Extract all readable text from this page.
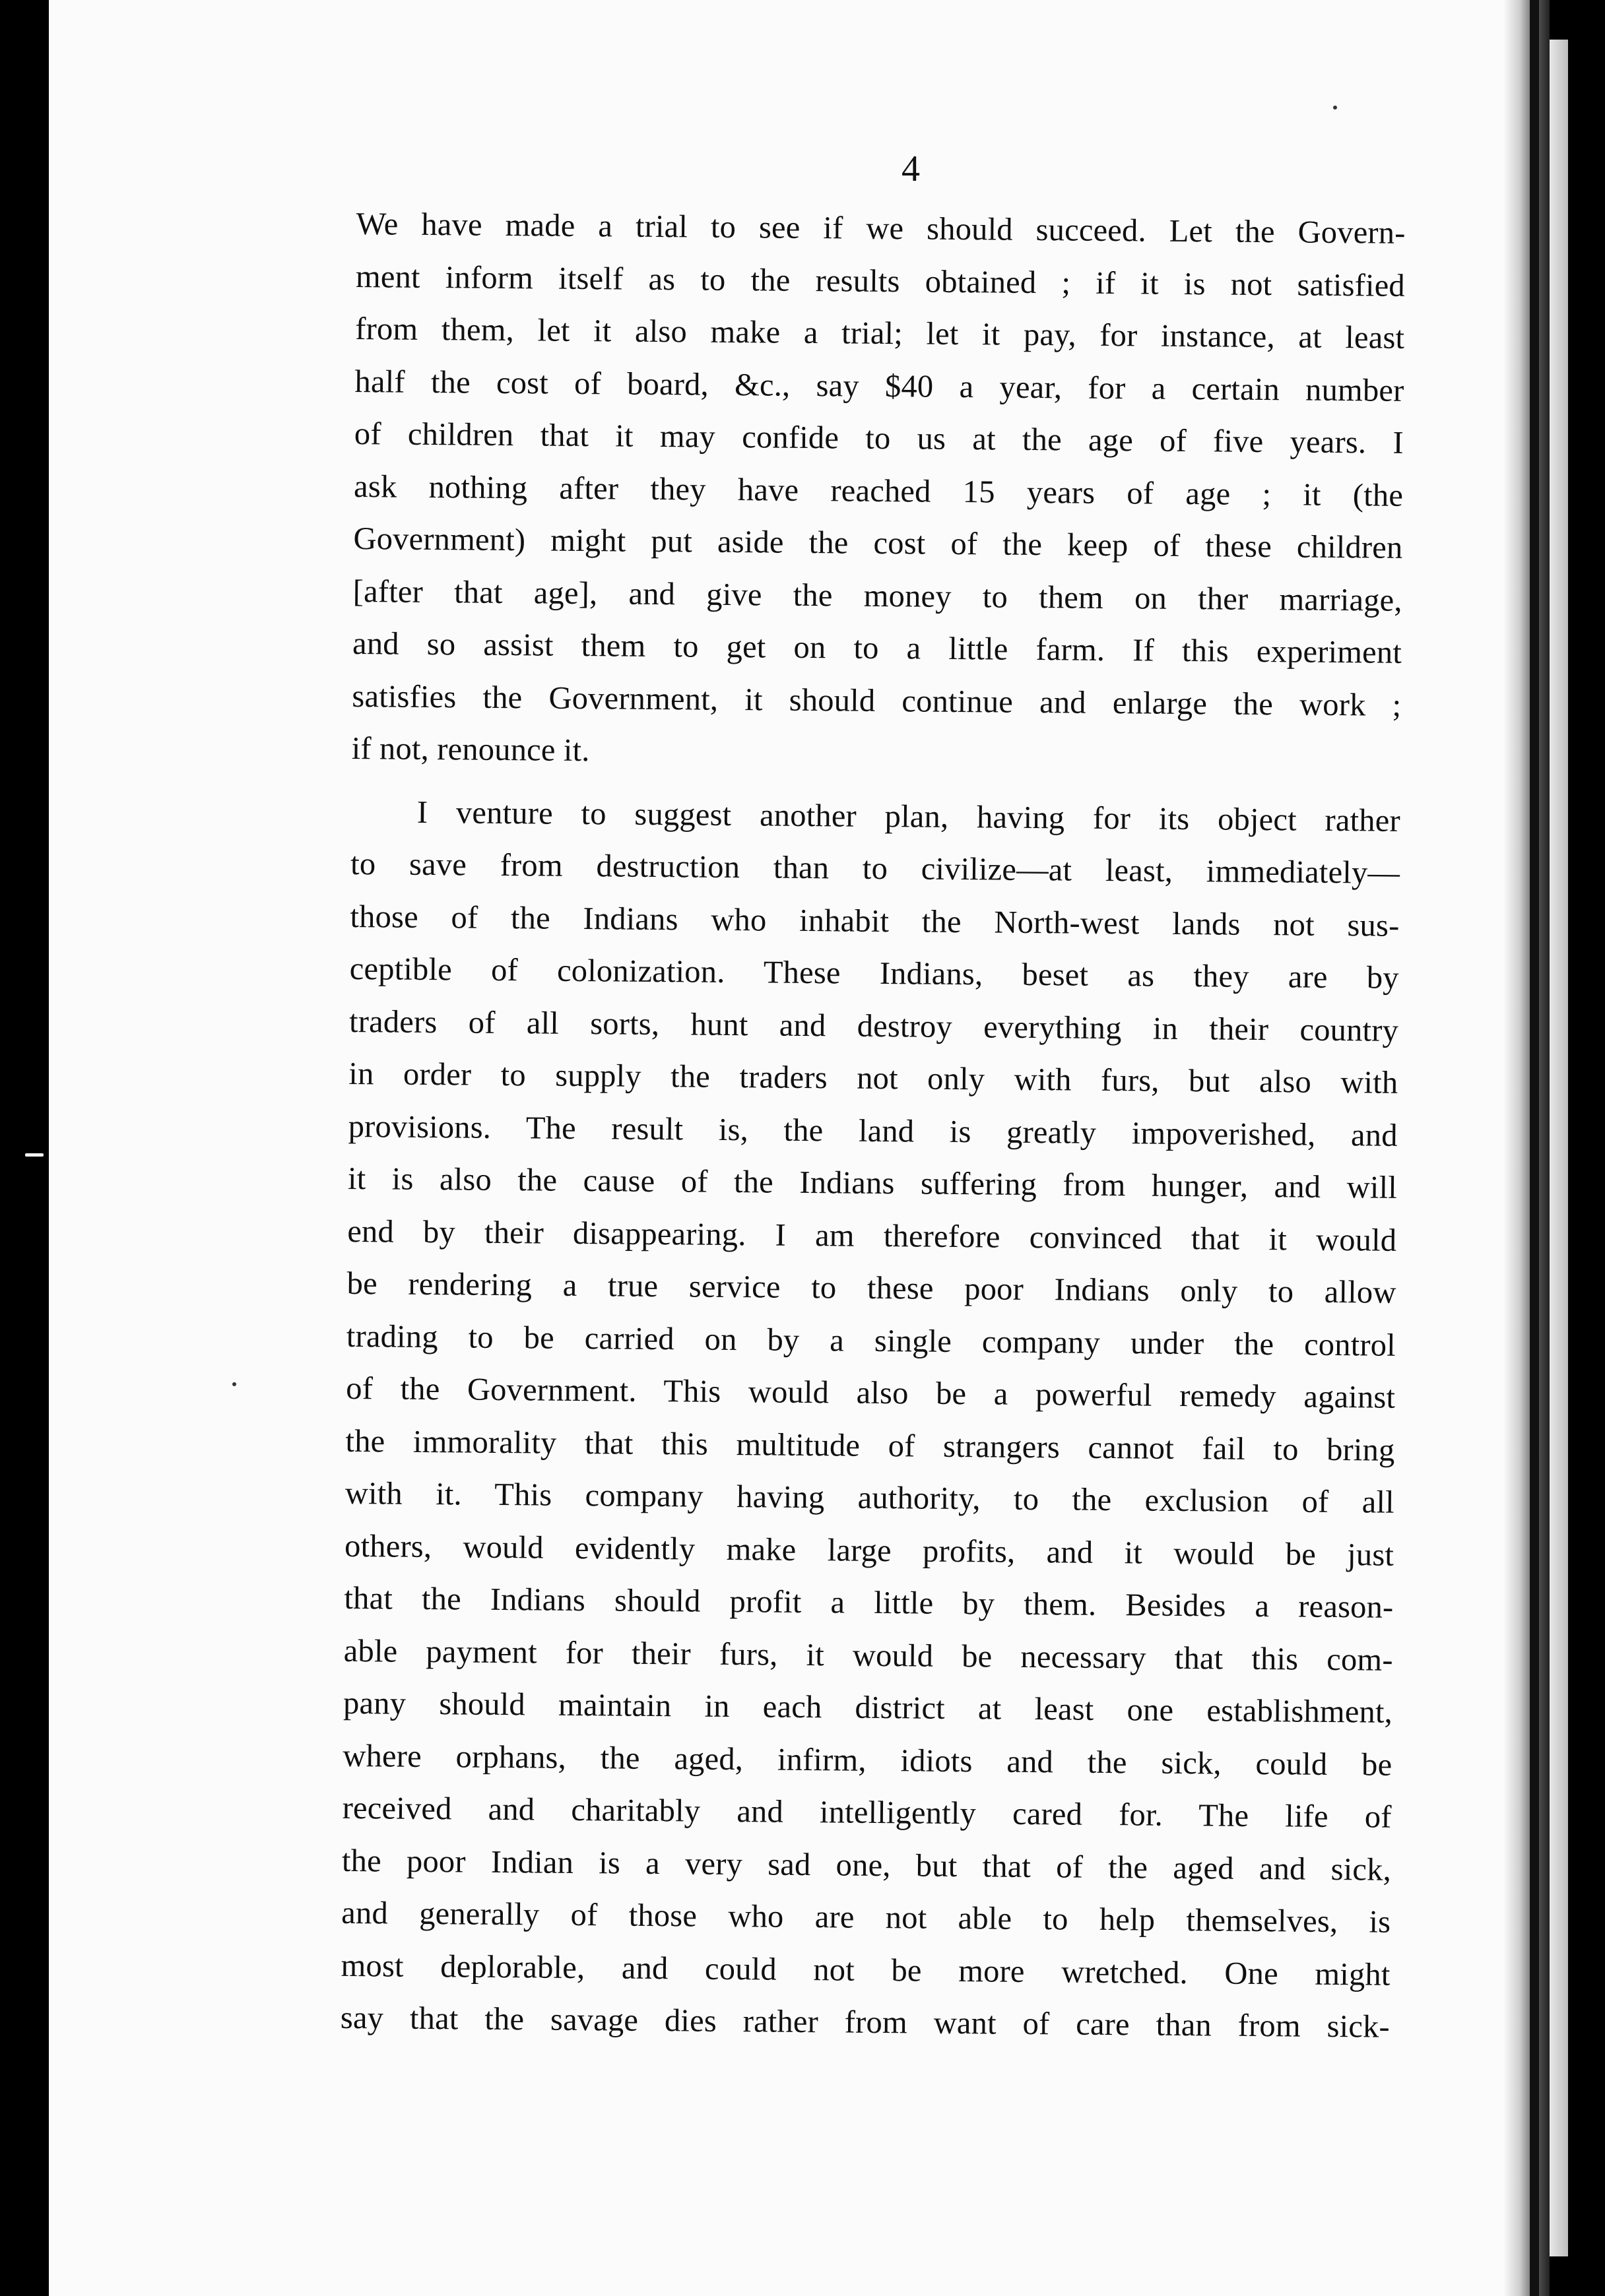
4
We have made a trial to see if we should succeed. Let the Govern-
ment inform itself as to the results obtained ; if it is not satisfied
from them, let it also make a trial; let it pay, for instance, at least
half the cost of board, &c., say $40 a year, for a certain number
of children that it may confide to us at the age of five years. I
ask nothing after they have reached 15 years of age ; it (the
Government) might put aside the cost of the keep of these children
[after that age], and give the money to them on ther marriage,
and so assist them to get on to a little farm. If this experiment
satisfies the Government, it should continue and enlarge the work ;
if not, renounce it.
I venture to suggest another plan, having for its object rather
to save from destruction than to civilize—at least, immediately—
those of the Indians who inhabit the North-west lands not sus-
ceptible of colonization. These Indians, beset as they are by
traders of all sorts, hunt and destroy everything in their country
in order to supply the traders not only with furs, but also with
provisions. The result is, the land is greatly impoverished, and
it is also the cause of the Indians suffering from hunger, and will
end by their disappearing. I am therefore convinced that it would
be rendering a true service to these poor Indians only to allow
trading to be carried on by a single company under the control
of the Government. This would also be a powerful remedy against
the immorality that this multitude of strangers cannot fail to bring
with it. This company having authority, to the exclusion of all
others, would evidently make large profits, and it would be just
that the Indians should profit a little by them. Besides a reason-
able payment for their furs, it would be necessary that this com-
pany should maintain in each district at least one establishment,
where orphans, the aged, infirm, idiots and the sick, could be
received and charitably and intelligently cared for. The life of
the poor Indian is a very sad one, but that of the aged and sick,
and generally of those who are not able to help themselves, is
most deplorable, and could not be more wretched. One might
say that the savage dies rather from want of care than from sick-
